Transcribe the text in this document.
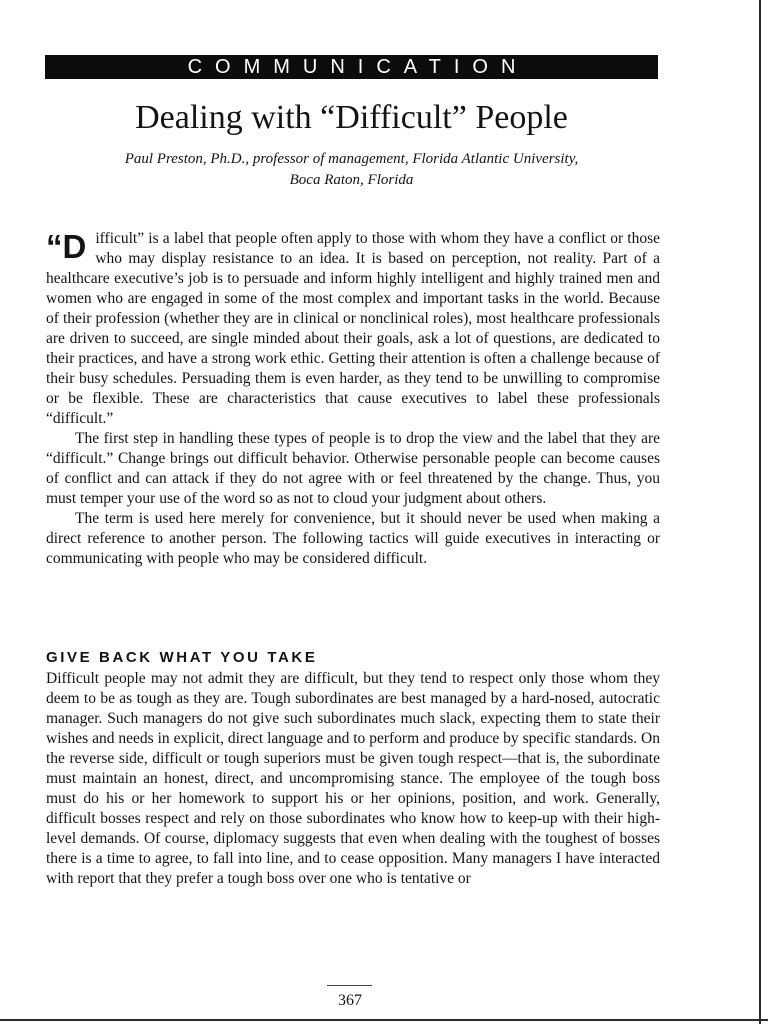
COMMUNICATION
Dealing with “Difficult” People
Paul Preston, Ph.D., professor of management, Florida Atlantic University,
Boca Raton, Florida

“Difficult” is a label that people often apply to those with whom they have a conflict or those who may display resistance to an idea. It is based on perception, not reality. Part of a healthcare executive’s job is to persuade and inform highly intelligent and highly trained men and women who are engaged in some of the most complex and important tasks in the world. Because of their profession (whether they are in clinical or nonclinical roles), most healthcare professionals are driven to succeed, are single minded about their goals, ask a lot of questions, are dedicated to their practices, and have a strong work ethic. Getting their attention is often a challenge because of their busy schedules. Persuading them is even harder, as they tend to be unwilling to compromise or be flexible. These are characteristics that cause executives to label these professionals “difficult.”

The first step in handling these types of people is to drop the view and the label that they are “difficult.” Change brings out difficult behavior. Otherwise personable people can become causes of conflict and can attack if they do not agree with or feel threatened by the change. Thus, you must temper your use of the word so as not to cloud your judgment about others.

The term is used here merely for convenience, but it should never be used when making a direct reference to another person. The following tactics will guide executives in interacting or communicating with people who may be considered difficult.

GIVE BACK WHAT YOU TAKE

Difficult people may not admit they are difficult, but they tend to respect only those whom they deem to be as tough as they are. Tough subordinates are best managed by a hard-nosed, autocratic manager. Such managers do not give such subordinates much slack, expecting them to state their wishes and needs in explicit, direct language and to perform and produce by specific standards. On the reverse side, difficult or tough superiors must be given tough respect—that is, the subordinate must maintain an honest, direct, and uncompromising stance. The employee of the tough boss must do his or her homework to support his or her opinions, position, and work. Generally, difficult bosses respect and rely on those subordinates who know how to keep-up with their high-level demands. Of course, diplomacy suggests that even when dealing with the toughest of bosses there is a time to agree, to fall into line, and to cease opposition. Many managers I have interacted with report that they prefer a tough boss over one who is tentative or

367
